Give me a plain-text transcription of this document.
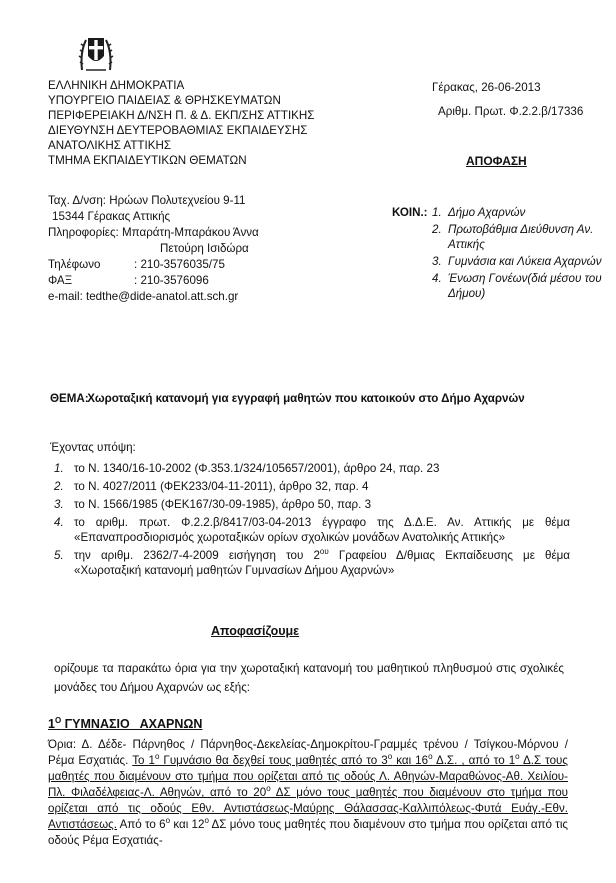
ΕΛΛΗΝΙΚΗ ΔΗΜΟΚΡΑΤΙΑ
ΥΠΟΥΡΓΕΙΟ ΠΑΙΔΕΙΑΣ & ΘΡΗΣΚΕΥΜΑΤΩΝ
ΠΕΡΙΦΕΡΕΙΑΚΗ Δ/ΝΣΗ Π. & Δ. ΕΚΠ/ΣΗΣ ΑΤΤΙΚΗΣ
ΔΙΕΥΘΥΝΣΗ ΔΕΥΤΕΡΟΒΑΘΜΙΑΣ ΕΚΠΑΙΔΕΥΣΗΣ
ΑΝΑΤΟΛΙΚΗΣ ΑΤΤΙΚΗΣ
ΤΜΗΜΑ ΕΚΠΑΙΔΕΥΤΙΚΩΝ ΘΕΜΑΤΩΝ
Ταχ. Δ/νση: Ηρώων Πολυτεχνείου 9-11
15344 Γέρακας Αττικής
Πληροφορίες: Μπαράτη-Μπαράκου Άννα
Πετούρη Ισιδώρα
Τηλέφωνο	: 210-3576035/75
ΦΑΞ	: 210-3576096
e-mail: tedthe@dide-anatol.att.sch.gr
Γέρακας, 26-06-2013
Αριθμ. Πρωτ. Φ.2.2.β/17336
ΑΠΟΦΑΣΗ
ΚΟΙΝ.: 1. Δήμο Αχαρνών
2. Πρωτοβάθμια Διεύθυνση Αν. Αττικής
3. Γυμνάσια και Λύκεια Αχαρνών
4. Ένωση Γονέων(διά μέσου του Δήμου)
ΘΕΜΑ: Χωροταξική κατανομή για εγγραφή μαθητών που κατοικούν στο Δήμο Αχαρνών
Έχοντας υπόψη:
1. το Ν. 1340/16-10-2002 (Φ.353.1/324/105657/2001), άρθρο 24, παρ. 23
2. το Ν. 4027/2011 (ΦΕΚ233/04-11-2011), άρθρο 32, παρ. 4
3. το Ν. 1566/1985 (ΦΕΚ167/30-09-1985), άρθρο 50, παρ. 3
4. το αριθμ. πρωτ. Φ.2.2.β/8417/03-04-2013 έγγραφο της Δ.Δ.Ε. Αν. Αττικής με θέμα «Επαναπροσδιορισμός χωροταξικών ορίων σχολικών μονάδων Ανατολικής Αττικής»
5. την αριθμ. 2362/7-4-2009 εισήγηση του $2^{o\upsilon}$ Γραφείου Δ/θμιας Εκπαίδευσης με θέμα «Χωροταξική κατανομή μαθητών Γυμνασίων Δήμου Αχαρνών»
Αποφασίζουμε
ορίζουμε τα παρακάτω όρια για την χωροταξική κατανομή του μαθητικού πληθυσμού στις σχολικές μονάδες του Δήμου Αχαρνών ως εξής:
$1^O$ ΓΥΜΝΑΣΙΟ   ΑΧΑΡΝΩΝ
Όρια: Δ. Δέδε- Πάρνηθος / Πάρνηθος-Δεκελείας-Δημοκρίτου-Γραμμές τρένου / Τσίγκου-Μόρνου / Ρέμα Εσχατιάς. Το $1^o$ Γυμνάσιο θα δεχθεί τους μαθητές από το $3^o$ και $16^o$ Δ.Σ. , από το $1^o$ Δ.Σ τους μαθητές που διαμένουν στο τμήμα που ορίζεται από τις οδούς Λ. Αθηνών-Μαραθώνος-Αθ. Χειλίου-Πλ. Φιλαδέλφειας-Λ. Αθηνών, από το $20^o$ ΔΣ μόνο τους μαθητές που διαμένουν στο τμήμα που ορίζεται από τις οδούς Εθν. Αντιστάσεως-Μαύρης Θάλασσας-Καλλιπόλεως-Φυτά Ευάγ.-Εθν. Αντιστάσεως. Από το $6^o$ και $12^o$ ΔΣ μόνο τους μαθητές που διαμένουν στο τμήμα που ορίζεται από τις οδούς Ρέμα Εσχατιάς-
